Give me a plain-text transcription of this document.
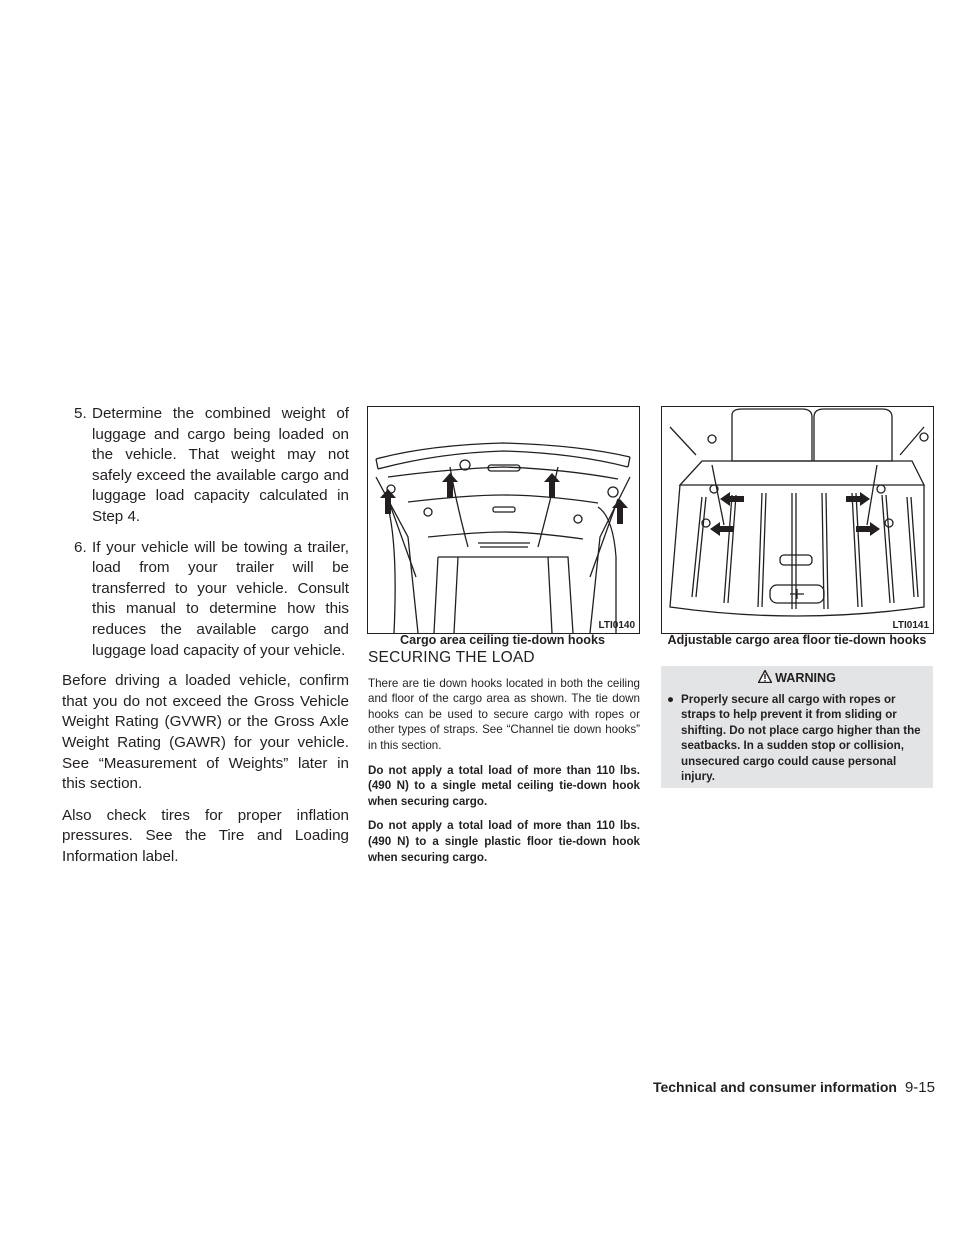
5. Determine the combined weight of luggage and cargo being loaded on the vehicle. That weight may not safely exceed the available cargo and luggage load capacity calculated in Step 4.
6. If your vehicle will be towing a trailer, load from your trailer will be transferred to your vehicle. Consult this manual to determine how this reduces the available cargo and luggage load capacity of your vehicle.

Before driving a loaded vehicle, confirm that you do not exceed the Gross Vehicle Weight Rating (GVWR) or the Gross Axle Weight Rating (GAWR) for your vehicle. See “Measurement of Weights” later in this section.

Also check tires for proper inflation pressures. See the Tire and Loading Information label.

LTI0140
Cargo area ceiling tie-down hooks
LTI0141
Adjustable cargo area floor tie-down hooks
SECURING THE LOAD

There are tie down hooks located in both the ceiling and floor of the cargo area as shown. The tie down hooks can be used to secure cargo with ropes or other types of straps. See “Channel tie down hooks” in this section.

Do not apply a total load of more than 110 lbs. (490 N) to a single metal ceiling tie-down hook when securing cargo.

Do not apply a total load of more than 110 lbs. (490 N) to a single plastic floor tie-down hook when securing cargo.

WARNING
● Properly secure all cargo with ropes or straps to help prevent it from sliding or shifting. Do not place cargo higher than the seatbacks. In a sudden stop or collision, unsecured cargo could cause personal injury.
Technical and consumer information 9-15
